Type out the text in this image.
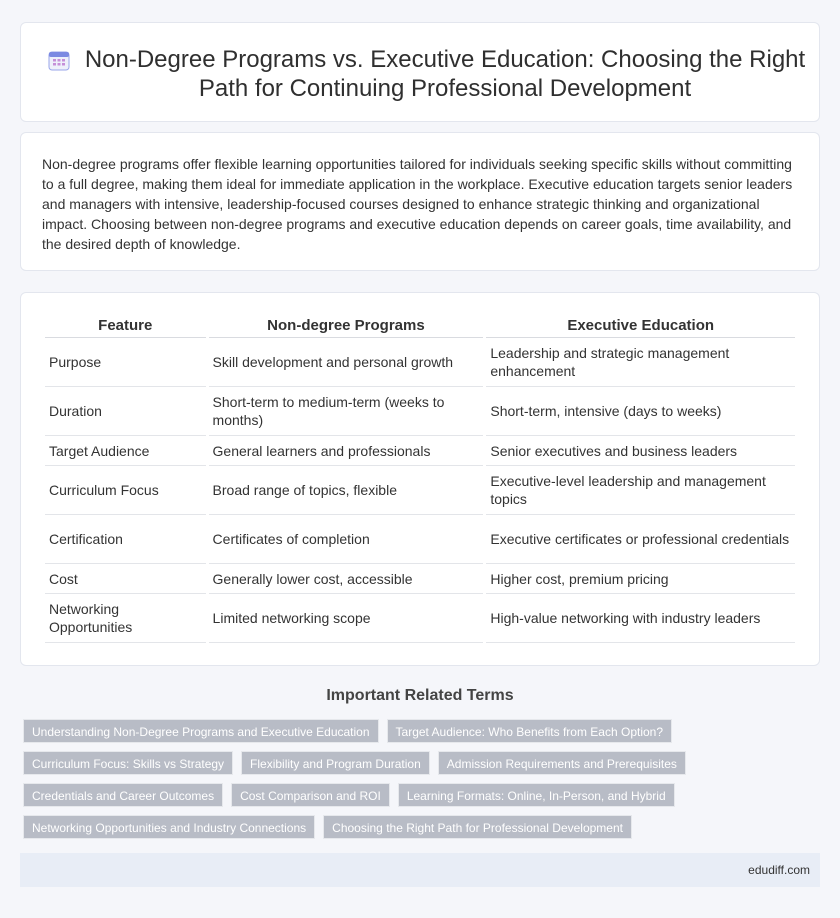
Non-Degree Programs vs. Executive Education: Choosing the Right Path for Continuing Professional Development

Non-degree programs offer flexible learning opportunities tailored for individuals seeking specific skills without committing to a full degree, making them ideal for immediate application in the workplace. Executive education targets senior leaders and managers with intensive, leadership-focused courses designed to enhance strategic thinking and organizational impact. Choosing between non-degree programs and executive education depends on career goals, time availability, and the desired depth of knowledge.

Feature	Non-degree Programs	Executive Education
Purpose	Skill development and personal growth	Leadership and strategic management enhancement
Duration	Short-term to medium-term (weeks to months)	Short-term, intensive (days to weeks)
Target Audience	General learners and professionals	Senior executives and business leaders
Curriculum Focus	Broad range of topics, flexible	Executive-level leadership and management topics
Certification	Certificates of completion	Executive certificates or professional credentials
Cost	Generally lower cost, accessible	Higher cost, premium pricing
Networking Opportunities	Limited networking scope	High-value networking with industry leaders
Important Related Terms
Understanding Non-Degree Programs and Executive Education	Target Audience: Who Benefits from Each Option?
Curriculum Focus: Skills vs Strategy	Flexibility and Program Duration	Admission Requirements and Prerequisites
Credentials and Career Outcomes	Cost Comparison and ROI	Learning Formats: Online, In-Person, and Hybrid
Networking Opportunities and Industry Connections	Choosing the Right Path for Professional Development
edudiff.com
